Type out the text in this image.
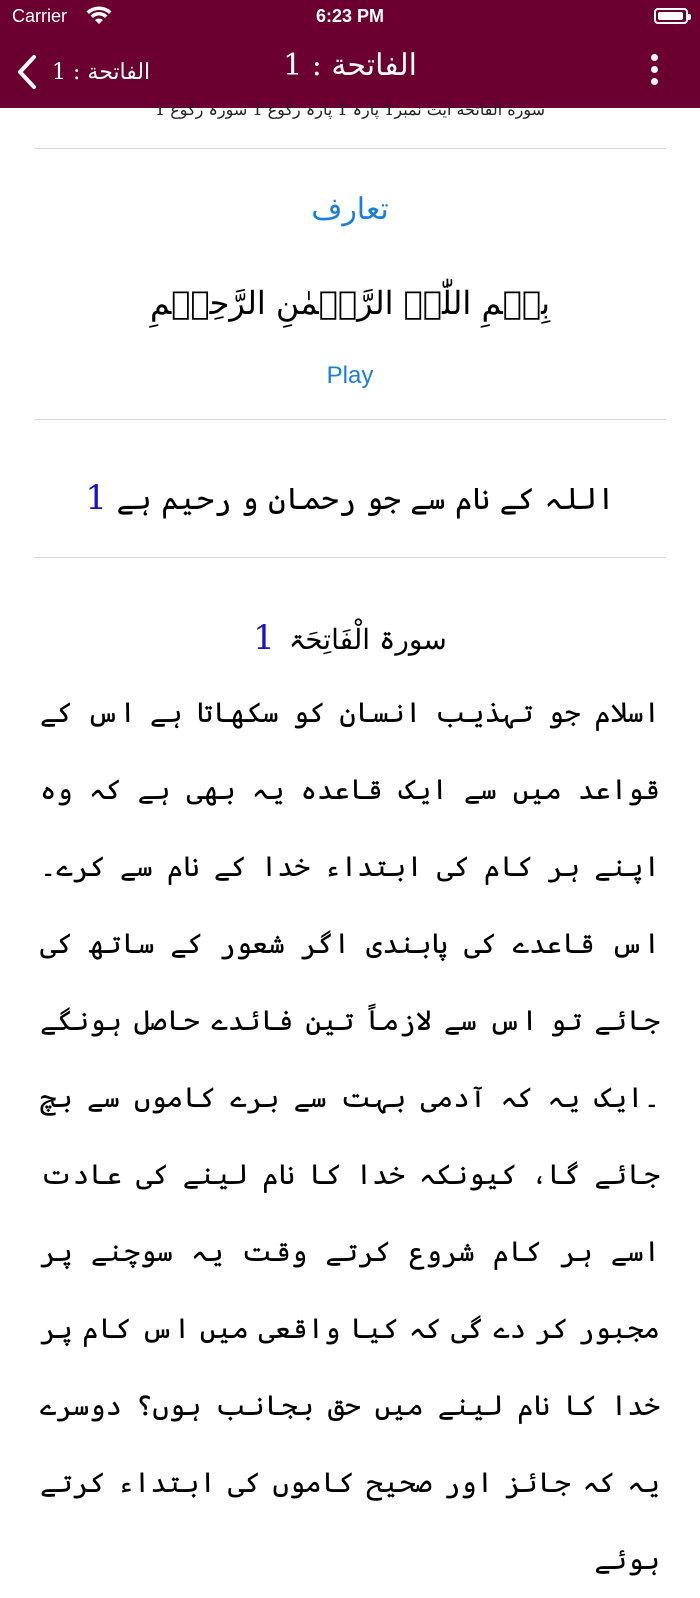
Carrier	6:23 PM
الفاتحة : 1	الفاتحة : 1
سورة الفاتحة ایت نمبر1 پارہ 1 پارہ رکوع 1 سورہ رکوع 1
تعارف
بِسۡمِ اللّٰہِ الرَّحۡمٰنِ الرَّحِیۡمِ
Play
اللہ کے نام سے جو رحمان و رحیم ہے 1
سورۃ الْفَاتِحَۃ1
اسلام جو تہذیب انسان کو سکھاتا ہے اس کے قواعد میں سے ایک قاعدہ یہ بھی ہے کہ وہ اپنے ہر کام کی ابتداء خدا کے نام سے کرے۔اس قاعدے کی پابندی اگر شعور کے ساتھ کی جائے تو اس سے لازماً تین فائدے حاصل ہونگے ۔ایک یہ کہ آدمی بہت سے برے کاموں سے بچ جائے گا، کیونکہ خدا کا نام لینے کی عادت اسے ہر کام شروع کرتے وقت یہ سوچنے پر مجبور کر دے گی کہ کیا واقعی میں اس کام پر خدا کا نام لینے میں حق بجانب ہوں؟ دوسرے یہ کہ جائز اور صحیح کاموں کی ابتداء کرتے ہوئے
